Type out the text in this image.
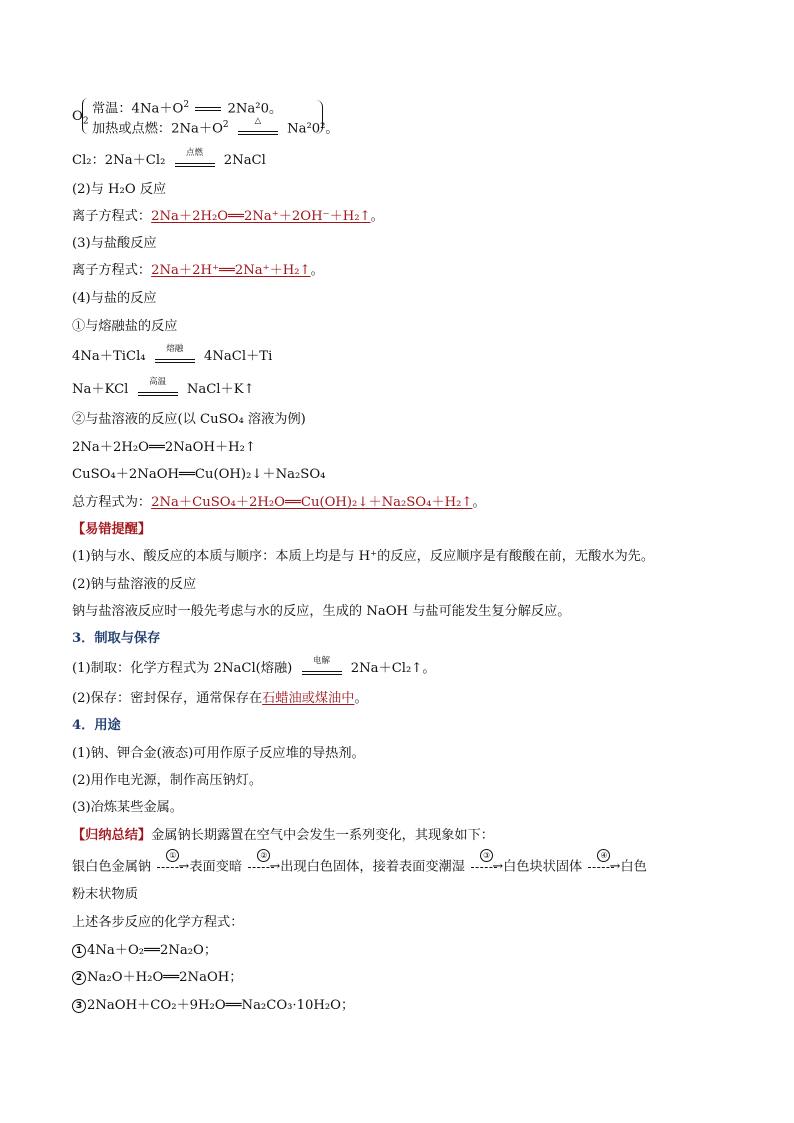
$O_2$
常温：$4Na+O^2$	2Na²0。
加热或点燃：$2Na+O^2$	△
Na²0²。
Cl₂：2Na＋Cl₂
点燃
2NaCl
(2)与 H₂O 反应
离子方程式：2Na＋2H₂O══2Na⁺＋2OH⁻＋H₂↑。
(3)与盐酸反应
离子方程式：2Na＋2H⁺══2Na⁺＋H₂↑。
(4)与盐的反应
①与熔融盐的反应
4Na＋TiCl₄
熔融
4NaCl＋Ti
Na＋KCl
高温
NaCl＋K↑
②与盐溶液的反应(以 CuSO₄ 溶液为例)
2Na＋2H₂O══2NaOH＋H₂↑
CuSO₄＋2NaOH══Cu(OH)₂↓＋Na₂SO₄
总方程式为：2Na＋CuSO₄＋2H₂O══Cu(OH)₂↓＋Na₂SO₄＋H₂↑。
【易错提醒】
(1)钠与水、酸反应的本质与顺序：本质上均是与 H⁺的反应，反应顺序是有酸酸在前，无酸水为先。
(2)钠与盐溶液的反应
钠与盐溶液反应时一般先考虑与水的反应，生成的 NaOH 与盐可能发生复分解反应。
3．制取与保存
(1)制取：化学方程式为 2NaCl(熔融)
电解
2Na＋Cl₂↑。
(2)保存：密封保存，通常保存在石蜡油或煤油中。
4．用途
(1)钠、钾合金(液态)可用作原子反应堆的导热剂。
(2)用作电光源，制作高压钠灯。
(3)冶炼某些金属。
【归纳总结】金属钠长期露置在空气中会发生一系列变化，其现象如下：
银白色金属钠
①
→ 表面变暗
②
→ 出现白色固体，接着表面变潮湿
③
→ 白色块状固体
④
→ 白色
粉末状物质
上述各步反应的化学方程式：
1 4Na＋O₂══2Na₂O；
2 Na₂O＋H₂O══2NaOH；
3 2NaOH＋CO₂＋9H₂O══Na₂CO₃·10H₂O；
